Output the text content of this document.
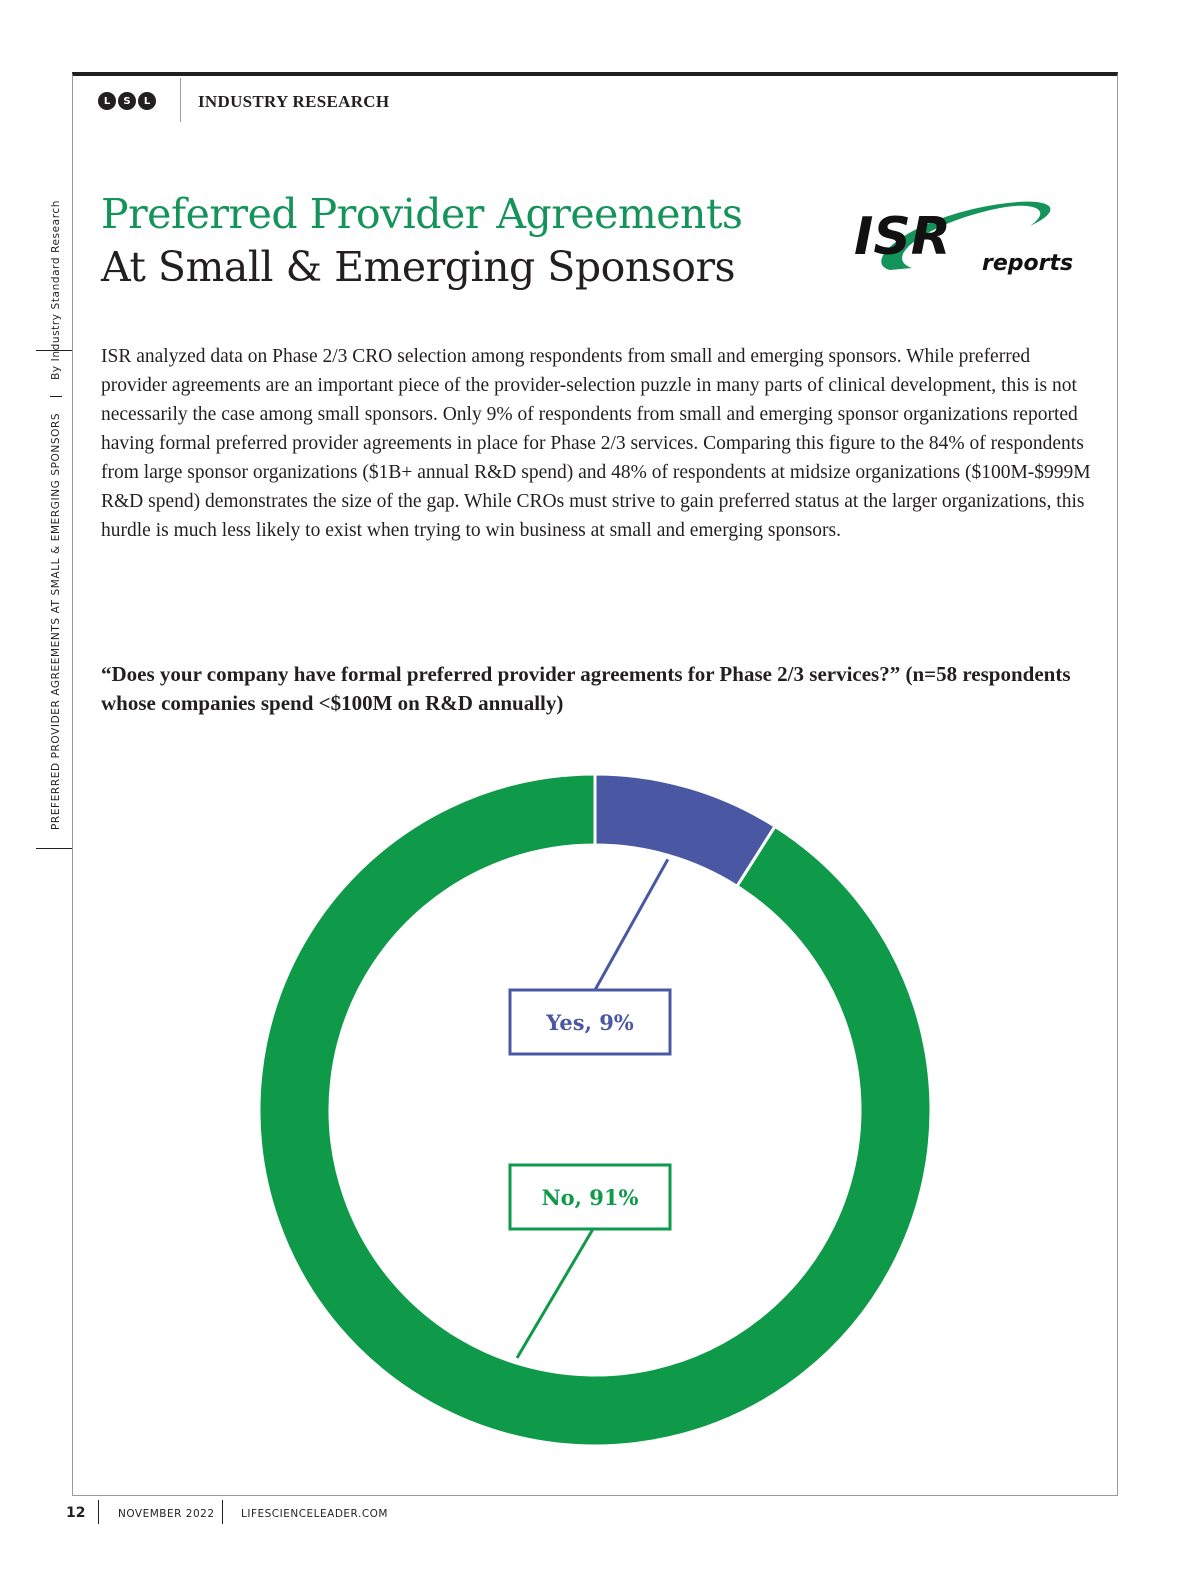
L	S	L	INDUSTRY RESEARCH
PREFERRED PROVIDER AGREEMENTS AT SMALL & EMERGING SPONSORS  By Industry Standard Research Preferred Provider Agreements
At Small & Emerging Sponsors ISR reports
ISR analyzed data on Phase 2/3 CRO selection among respondents from small and emerging sponsors. While preferred provider agreements are an important piece of the provider-selection puzzle in many parts of clinical development, this is not necessarily the case among small sponsors. Only 9% of respondents from small and emerging sponsor organizations reported having formal preferred provider agreements in place for Phase 2/3 services. Comparing this figure to the 84% of respondents from large sponsor organizations ($1B+ annual R&D spend) and 48% of respondents at midsize organizations ($100M-$999M R&D spend) demonstrates the size of the gap. While CROs must strive to gain preferred status at the larger organizations, this hurdle is much less likely to exist when trying to win business at small and emerging sponsors.
“Does your company have formal preferred provider agreements for Phase 2/3 services?” (n=58 respondents whose companies spend <$100M on R&D annually)
Yes, 9%
No, 91%
12	NOVEMBER 2022	LIFESCIENCELEADER.COM
